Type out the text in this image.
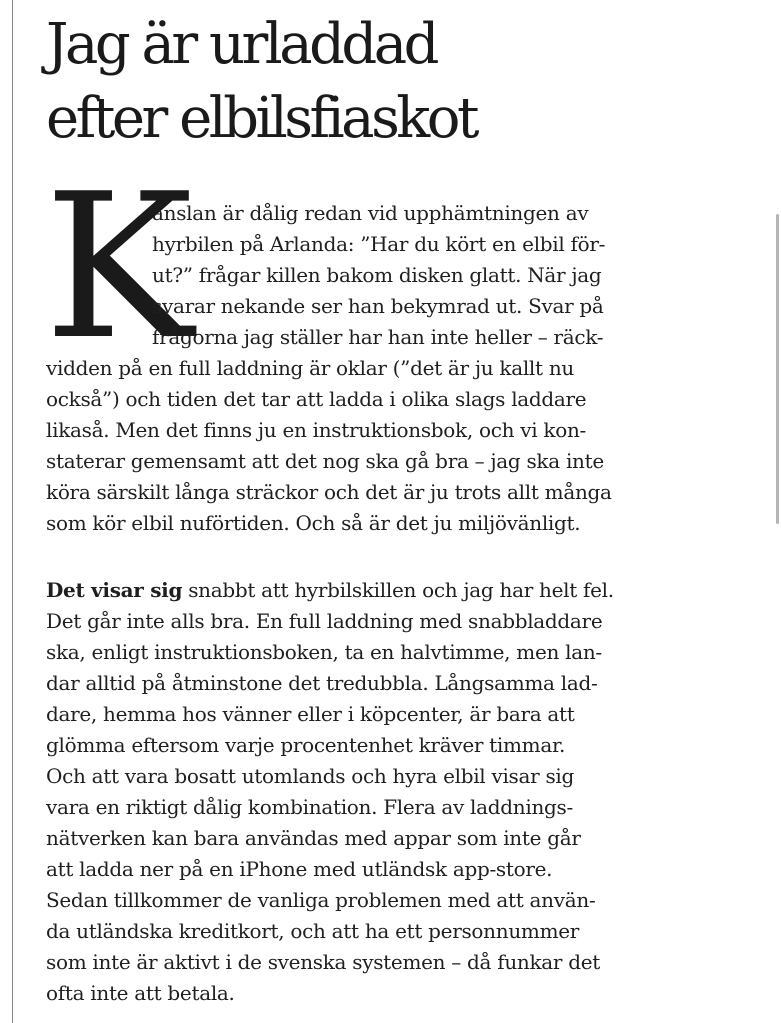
Jag är urladdad
efter elbilsfiaskot
K
änslan är dålig redan vid upphämtningen av
hyrbilen på Arlanda: ”Har du kört en elbil för-
ut?” frågar killen bakom disken glatt. När jag
svarar nekande ser han bekymrad ut. Svar på
frågorna jag ställer har han inte heller – räck-
vidden på en full laddning är oklar (”det är ju kallt nu
också”) och tiden det tar att ladda i olika slags laddare
likaså. Men det finns ju en instruktionsbok, och vi kon-
staterar gemensamt att det nog ska gå bra – jag ska inte
köra särskilt långa sträckor och det är ju trots allt många
som kör elbil nuförtiden. Och så är det ju miljövänligt.
Det visar sig snabbt att hyrbilskillen och jag har helt fel.
Det går inte alls bra. En full laddning med snabbladdare
ska, enligt instruktionsboken, ta en halvtimme, men lan-
dar alltid på åtminstone det tredubbla. Långsamma lad-
dare, hemma hos vänner eller i köpcenter, är bara att
glömma eftersom varje procentenhet kräver timmar.
Och att vara bosatt utomlands och hyra elbil visar sig
vara en riktigt dålig kombination. Flera av laddnings-
nätverken kan bara användas med appar som inte går
att ladda ner på en iPhone med utländsk app-store.
Sedan tillkommer de vanliga problemen med att använ-
da utländska kreditkort, och att ha ett personnummer
som inte är aktivt i de svenska systemen – då funkar det
ofta inte att betala.
